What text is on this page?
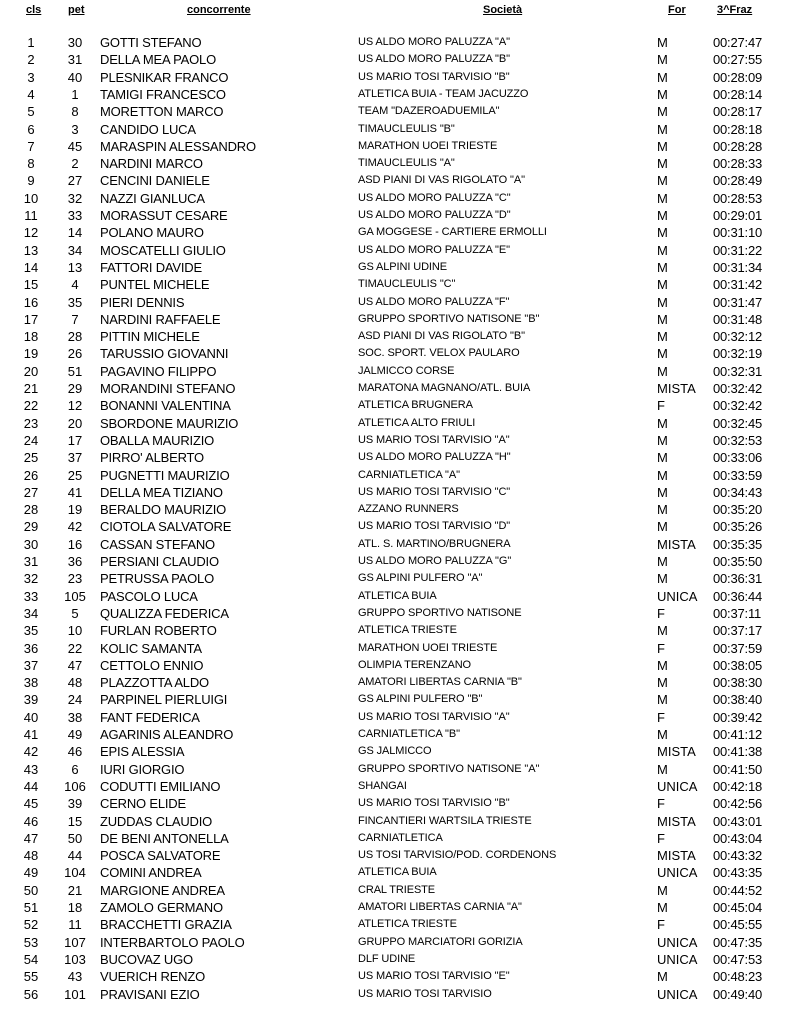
cls pet	concorrente	Società	For	3^Fraz
1	30	GOTTI STEFANO	US ALDO MORO PALUZZA "A"	M	00:27:47
2	31	DELLA MEA PAOLO	US ALDO MORO PALUZZA "B"	M	00:27:55
3	40	PLESNIKAR FRANCO	US MARIO TOSI TARVISIO "B"	M	00:28:09
4	1	TAMIGI FRANCESCO	ATLETICA BUIA - TEAM JACUZZO	M	00:28:14
5	8	MORETTON MARCO	TEAM "DAZEROADUEMILA"	M	00:28:17
6	3	CANDIDO LUCA	TIMAUCLEULIS "B"	M	00:28:18
7	45	MARASPIN ALESSANDRO	MARATHON UOEI TRIESTE	M	00:28:28
8	2	NARDINI MARCO	TIMAUCLEULIS "A"	M	00:28:33
9	27	CENCINI DANIELE	ASD PIANI DI VAS RIGOLATO "A"	M	00:28:49
10	32	NAZZI GIANLUCA	US ALDO MORO PALUZZA "C"	M	00:28:53
11	33	MORASSUT CESARE	US ALDO MORO PALUZZA "D"	M	00:29:01
12	14	POLANO MAURO	GA MOGGESE - CARTIERE ERMOLLI	M	00:31:10
13	34	MOSCATELLI GIULIO	US ALDO MORO PALUZZA "E"	M	00:31:22
14	13	FATTORI DAVIDE	GS ALPINI UDINE	M	00:31:34
15	4	PUNTEL MICHELE	TIMAUCLEULIS "C"	M	00:31:42
16	35	PIERI DENNIS	US ALDO MORO PALUZZA "F"	M	00:31:47
17	7	NARDINI RAFFAELE	GRUPPO SPORTIVO NATISONE "B"	M	00:31:48
18	28	PITTIN MICHELE	ASD PIANI DI VAS RIGOLATO "B"	M	00:32:12
19	26	TARUSSIO GIOVANNI	SOC. SPORT. VELOX PAULARO	M	00:32:19
20	51	PAGAVINO FILIPPO	JALMICCO CORSE	M	00:32:31
21	29	MORANDINI STEFANO	MARATONA MAGNANO/ATL. BUIA	MISTA 00:32:42
22	12	BONANNI VALENTINA	ATLETICA BRUGNERA	F	00:32:42
23	20	SBORDONE MAURIZIO	ATLETICA ALTO FRIULI	M	00:32:45
24	17	OBALLA MAURIZIO	US MARIO TOSI TARVISIO "A"	M	00:32:53
25	37	PIRRO' ALBERTO	US ALDO MORO PALUZZA "H"	M	00:33:06
26	25	PUGNETTI MAURIZIO	CARNIATLETICA "A"	M	00:33:59
27	41	DELLA MEA TIZIANO	US MARIO TOSI TARVISIO "C"	M	00:34:43
28	19	BERALDO MAURIZIO	AZZANO RUNNERS	M	00:35:20
29	42	CIOTOLA SALVATORE	US MARIO TOSI TARVISIO "D"	M	00:35:26
30	16	CASSAN STEFANO	ATL. S. MARTINO/BRUGNERA	MISTA 00:35:35
31	36	PERSIANI CLAUDIO	US ALDO MORO PALUZZA "G"	M	00:35:50
32	23	PETRUSSA PAOLO	GS ALPINI PULFERO "A"	M	00:36:31
33	105	PASCOLO LUCA	ATLETICA BUIA	UNICA 00:36:44
34	5	QUALIZZA FEDERICA	GRUPPO SPORTIVO NATISONE	F	00:37:11
35	10	FURLAN ROBERTO	ATLETICA TRIESTE	M	00:37:17
36	22	KOLIC SAMANTA	MARATHON UOEI TRIESTE	F	00:37:59
37	47	CETTOLO ENNIO	OLIMPIA TERENZANO	M	00:38:05
38	48	PLAZZOTTA ALDO	AMATORI LIBERTAS CARNIA "B"	M	00:38:30
39	24	PARPINEL PIERLUIGI	GS ALPINI PULFERO "B"	M	00:38:40
40	38	FANT FEDERICA	US MARIO TOSI TARVISIO "A"	F	00:39:42
41	49	AGARINIS ALEANDRO	CARNIATLETICA "B"	M	00:41:12
42	46	EPIS ALESSIA	GS JALMICCO	MISTA 00:41:38
43	6	IURI GIORGIO	GRUPPO SPORTIVO NATISONE "A"	M	00:41:50
44	106	CODUTTI EMILIANO	SHANGAI	UNICA 00:42:18
45	39	CERNO ELIDE	US MARIO TOSI TARVISIO "B"	F	00:42:56
46	15	ZUDDAS CLAUDIO	FINCANTIERI WARTSILA TRIESTE	MISTA 00:43:01
47	50	DE BENI ANTONELLA	CARNIATLETICA	F	00:43:04
48	44	POSCA SALVATORE	US TOSI TARVISIO/POD. CORDENONS	MISTA 00:43:32
49	104	COMINI ANDREA	ATLETICA BUIA	UNICA 00:43:35
50	21	MARGIONE ANDREA	CRAL TRIESTE	M	00:44:52
51	18	ZAMOLO GERMANO	AMATORI LIBERTAS CARNIA "A"	M	00:45:04
52	11	BRACCHETTI GRAZIA	ATLETICA TRIESTE	F	00:45:55
53	107	INTERBARTOLO PAOLO	GRUPPO MARCIATORI GORIZIA	UNICA 00:47:35
54	103	BUCOVAZ UGO	DLF UDINE	UNICA 00:47:53
55	43	VUERICH RENZO	US MARIO TOSI TARVISIO "E"	M	00:48:23
56	101	PRAVISANI EZIO	US MARIO TOSI TARVISIO	UNICA 00:49:40
